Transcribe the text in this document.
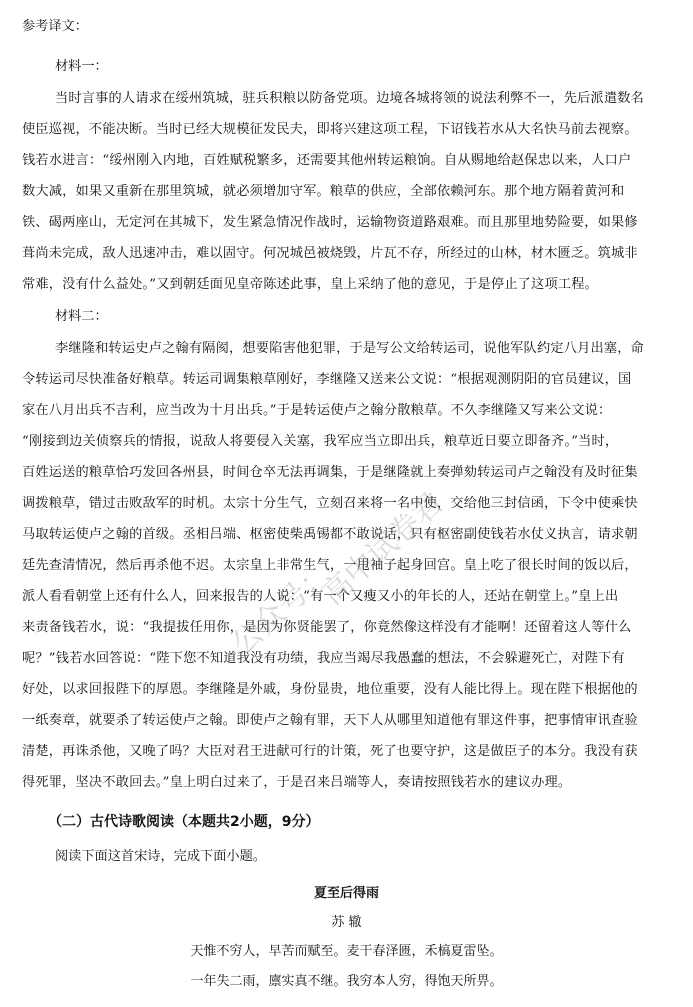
参考译文：
材料一：
当时言事的人请求在绥州筑城，驻兵积粮以防备党项。边境各城将领的说法利弊不一，先后派遣数名
使臣巡视，不能决断。当时已经大规模征发民夫，即将兴建这项工程，下诏钱若水从大名快马前去视察。
钱若水进言：“绥州刚入内地，百姓赋税繁多，还需要其他州转运粮饷。自从赐地给赵保忠以来，人口户
数大减，如果又重新在那里筑城，就必须增加守军。粮草的供应，全部依赖河东。那个地方隔着黄河和
铁、碣两座山，无定河在其城下，发生紧急情况作战时，运输物资道路艰难。而且那里地势险要，如果修
葺尚未完成，敌人迅速冲击，难以固守。何况城邑被烧毁，片瓦不存，所经过的山林，材木匮乏。筑城非
常难，没有什么益处。”又到朝廷面见皇帝陈述此事，皇上采纳了他的意见，于是停止了这项工程。
材料二：
李继隆和转运史卢之翰有隔阂，想要陷害他犯罪，于是写公文给转运司，说他军队约定八月出塞，命
令转运司尽快准备好粮草。转运司调集粮草刚好，李继隆又送来公文说：“根据观测阴阳的官员建议，国
家在八月出兵不吉利，应当改为十月出兵。”于是转运使卢之翰分散粮草。不久李继隆又写来公文说：
“刚接到边关侦察兵的情报，说敌人将要侵入关塞，我军应当立即出兵，粮草近日要立即备齐。”当时，
百姓运送的粮草恰巧发回各州县，时间仓卒无法再调集，于是继隆就上奏弹劾转运司卢之翰没有及时征集
调拨粮草，错过击败敌军的时机。太宗十分生气，立刻召来将一名中使，交给他三封信函，下令中使乘快
马取转运使卢之翰的首级。丞相吕端、枢密使柴禹锡都不敢说话，只有枢密副使钱若水仗义执言，请求朝
廷先查清情况，然后再杀他不迟。太宗皇上非常生气，一甩袖子起身回宫。皇上吃了很长时间的饭以后，
派人看看朝堂上还有什么人，回来报告的人说：“有一个又瘦又小的年长的人，还站在朝堂上。”皇上出
来责备钱若水，说：“我提拔任用你，是因为你贤能罢了，你竟然像这样没有才能啊！还留着这人等什么
呢？”钱若水回答说：“陛下您不知道我没有功绩，我应当竭尽我愚蠢的想法，不会躲避死亡，对陛下有
好处，以求回报陛下的厚恩。李继隆是外戚，身份显贵，地位重要，没有人能比得上。现在陛下根据他的
一纸奏章，就要杀了转运使卢之翰。即使卢之翰有罪，天下人从哪里知道他有罪这件事，把事情审讯查验
清楚，再诛杀他，又晚了吗？大臣对君王进献可行的计策，死了也要守护，这是做臣子的本分。我没有获
得死罪，坚决不敢回去。”皇上明白过来了，于是召来吕端等人，奏请按照钱若水的建议办理。
（二）古代诗歌阅读（本题共2小题，9分）
阅读下面这首宋诗，完成下面小题。
夏至后得雨
苏 辙
天惟不穷人，早苦而赋至。麦干春泽匮，禾槁夏雷坠。
一年失二雨，廪实真不继。我穷本人穷，得饱天所畀。
公众号：
高中试卷君
